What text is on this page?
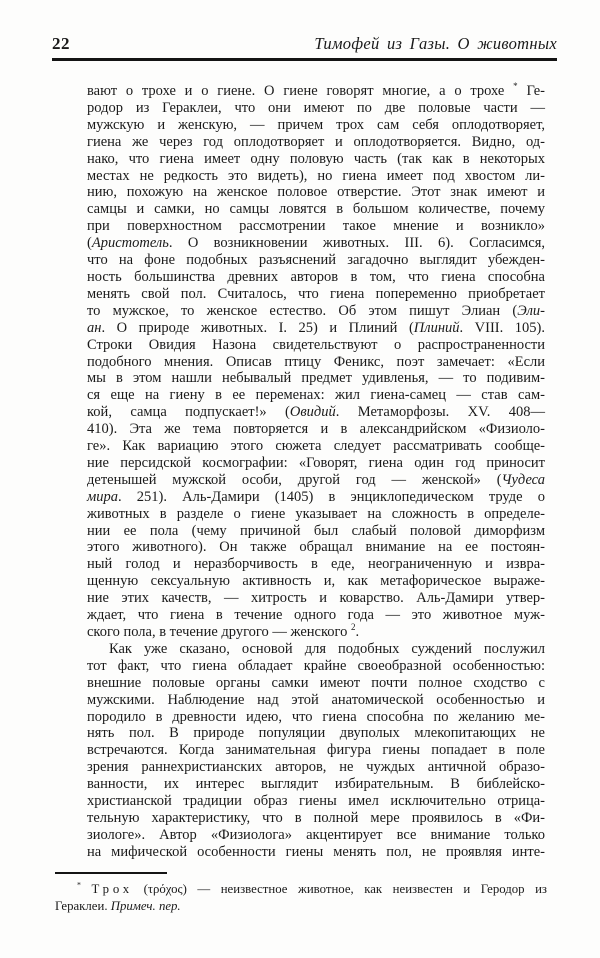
22	Тимофей из Газы. О животных
вают о трохе и о гиене. О гиене говорят многие, а о трохе * Ге-
родор из Гераклеи, что они имеют по две половые части —
мужскую и женскую, — причем трох сам себя оплодотворяет,
гиена же через год оплодотворяет и оплодотворяется. Видно, од-
нако, что гиена имеет одну половую часть (так как в некоторых
местах не редкость это видеть), но гиена имеет под хвостом ли-
нию, похожую на женское половое отверстие. Этот знак имеют и
самцы и самки, но самцы ловятся в большом количестве, почему
при поверхностном рассмотрении такое мнение и возникло»
(Аристотель. О возникновении животных. III. 6). Согласимся,
что на фоне подобных разъяснений загадочно выглядит убежден-
ность большинства древних авторов в том, что гиена способна
менять свой пол. Считалось, что гиена попеременно приобретает
то мужское, то женское естество. Об этом пишут Элиан (Эли-
ан. О природе животных. I. 25) и Плиний (Плиний. VIII. 105).
Строки Овидия Назона свидетельствуют о распространенности
подобного мнения. Описав птицу Феникс, поэт замечает: «Если
мы в этом нашли небывалый предмет удивленья, — то подивим-
ся еще на гиену в ее переменах: жил гиена-самец — став сам-
кой, самца подпускает!» (Овидий. Метаморфозы. XV. 408—
410). Эта же тема повторяется и в александрийском «Физиоло-
ге». Как вариацию этого сюжета следует рассматривать сообще-
ние персидской космографии: «Говорят, гиена один год приносит
детенышей мужской особи, другой год — женской» (Чудеса
мира. 251). Аль-Дамири (1405) в энциклопедическом труде о
животных в разделе о гиене указывает на сложность в определе-
нии ее пола (чему причиной был слабый половой диморфизм
этого животного). Он также обращал внимание на ее постоян-
ный голод и неразборчивость в еде, неограниченную и извра-
щенную сексуальную активность и, как метафорическое выраже-
ние этих качеств, — хитрость и коварство. Аль-Дамири утвер-
ждает, что гиена в течение одного года — это животное муж-
ского пола, в течение другого — женского $^2$.
Как уже сказано, основой для подобных суждений послужил
тот факт, что гиена обладает крайне своеобразной особенностью:
внешние половые органы самки имеют почти полное сходство с
мужскими. Наблюдение над этой анатомической особенностью и
породило в древности идею, что гиена способна по желанию ме-
нять пол. В природе популяции двуполых млекопитающих не
встречаются. Когда занимательная фигура гиены попадает в поле
зрения раннехристианских авторов, не чуждых античной образо-
ванности, их интерес выглядит избирательным. В библейско-
христианской традиции образ гиены имел исключительно отрица-
тельную характеристику, что в полной мере проявилось в «Фи-
зиологе». Автор «Физиолога» акцентирует все внимание только
на мифической особенности гиены менять пол, не проявляя инте-
* Трох (τρόχος) — неизвестное животное, как неизвестен и Геродор из
Гераклеи. Примеч. пер.
